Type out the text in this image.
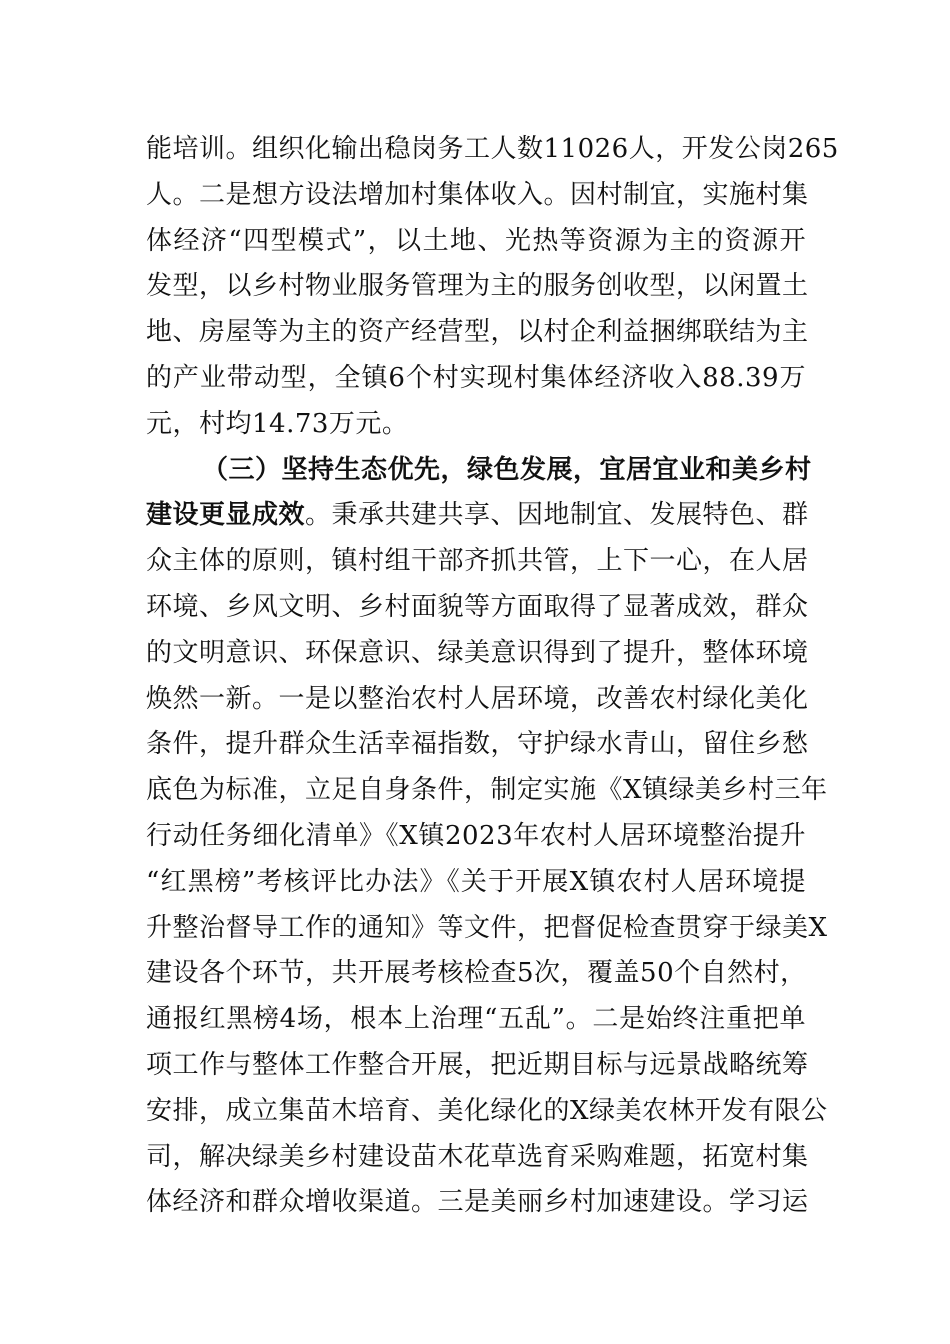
能培训。组织化输出稳岗务工人数11026人，开发公岗265
人。二是想方设法增加村集体收入。因村制宜，实施村集
体经济“四型模式”，以土地、光热等资源为主的资源开
发型，以乡村物业服务管理为主的服务创收型，以闲置土
地、房屋等为主的资产经营型，以村企利益捆绑联结为主
的产业带动型，全镇6个村实现村集体经济收入88.39万
元，村均14.73万元。
（三）坚持生态优先，绿色发展，宜居宜业和美乡村
建设更显成效。秉承共建共享、因地制宜、发展特色、群
众主体的原则，镇村组干部齐抓共管，上下一心，在人居
环境、乡风文明、乡村面貌等方面取得了显著成效，群众
的文明意识、环保意识、绿美意识得到了提升，整体环境
焕然一新。一是以整治农村人居环境，改善农村绿化美化
条件，提升群众生活幸福指数，守护绿水青山，留住乡愁
底色为标准，立足自身条件，制定实施《X镇绿美乡村三年
行动任务细化清单》《X镇2023年农村人居环境整治提升
“红黑榜”考核评比办法》《关于开展X镇农村人居环境提
升整治督导工作的通知》等文件，把督促检查贯穿于绿美X
建设各个环节，共开展考核检查5次，覆盖50个自然村，
通报红黑榜4场，根本上治理“五乱”。二是始终注重把单
项工作与整体工作整合开展，把近期目标与远景战略统筹
安排，成立集苗木培育、美化绿化的X绿美农林开发有限公
司，解决绿美乡村建设苗木花草选育采购难题，拓宽村集
体经济和群众增收渠道。三是美丽乡村加速建设。学习运
